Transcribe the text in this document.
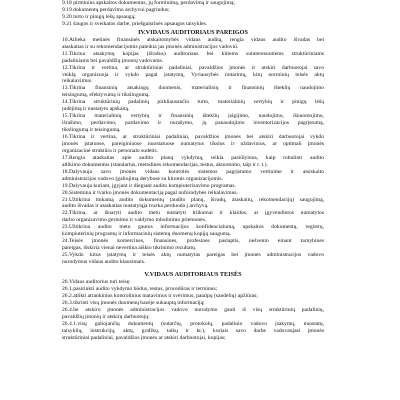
9.18 pirminius apskaitos dokumentus, jų forminimą, perdavimą ir saugojimą;
9.19 dokumentų perdavimo archyvui pagrindus;
9.20 turto ir pinigų lėšų apsaugą;
9.21 šaugos ir sveikatos darbe, priešgaisrinės apsaugos taisykles.
IV.VIDAUS AUDITORIAUS PAREIGOS
10.Atlieka metinės finansinės atskaitomybės vidaus auditą, rengia vidaus audito išvadas bei
ataskaitas ir su rekomendacijomis pateikia jas įmonės administracijos vadovui.
11.Tikrina atsakymų kopijas (išrašus) auditoriaus bei kitiems suinteresuotiems struktūriniams
padaliniams bei pavaldžių įmonių vadovams.
12.Tikrina ir vertina, ar struktūriniai padaliniai, pavaldžios įmonės ir atskiri darbuotojai savo
veiklą organizuoja ir vykdo pagal įstatymų, Vyriausybės nutarimų, kitų norminių teisės aktų
reikalavimus.
13.Tikrina finansinių atsakingų duomenis, materialinių ir finansinių išteklių naudojimo
teisingumą, efektyvumą ir tikslingumą.
14.Tikrina struktūrinių padalinių pirkliausančio turto, materialinių vertybių ir pinigų lėšų
judėjimą ir nustatyto apskaitą.
15.Tikrina materialinių vertybių ir finansinių išteklių įsigijimo, naudojimo, išnuomojimo,
išrašimo, perdavimo, pardavimo ir nurašymo, jų panaudojimo inventorizacijos pagrįstumą,
tikslingumą ir teisingumą.
16.Tikrina ir vertina, ar struktūriniai padaliniai, pavaldžios įmonės bei atskiri darbuotojai vykdo
įmonės įstatuose, pareiginiuose nuostatuose numatytus tikslus ir uždavinius, ar optimali įmonės
organizacinė struktūra ir personalo sudėtis.
17.Rengia ataskaitas apie audito planų vykdymą, teikia pasiūlymus, kaip tobulinti audito
atlikimo dokumentus (standartus, metodines rekomendacijas, testus, aktuotumo, taip ir t. t.).
18.Dalyvauja savo įmonės vidaus kontrolės sistemos pagrįstumo vertinime ir atsiskaito
administracijos vadovo (galiojimą derybose su kitomis organizacijomis.
19.Dalyvauja kuriant, įgyjant ir diegiant audito kompiuterizavimo programas.
20.Sistemina ir tvarko įmonės dokumentaciją pagal nuforodybės reikalavimus.
21.Užtikrina tinkamą audito dokumentų (audito planų, išvadų, ataskaitų, rekomendacijų) saugojimą,
audito išvadas ir ataskaitas nustatytąja tvarka perduoda į archyvą.
22.Tikrina, ar išnaryti audito metu nustatyti trūkumai ir klaidos, ar įgyvendintos numatytos
darbo organizavimo gerinimo ir valdymo tobulinimo priemonės.
23.Užtikrina audito metu gautos informacijos konfidencialumą, apskaitos dokumentų, registrų,
kompiuterinių programų ir informacinių sistemų duomenų kopijų saugumą.
24.Teisės įmonės komercines, finansines, profesines paslaptis, nešvento einant tarnybines
pareigas, išskiria vienai nevertina aiškio tikrinimo rezultatų.
25.Vykdo kitus įstatymų ir teisės aktų numatytas pareigas bei įmonės administracijos vadovo
nurodymus vidaus audito klausimais.
V.VIDAUS AUDITORIAUS TEISĖS
26.Vidaus auditorius turi teisę:
26.1.pasirinkti audito vykdymo būdus, testus, procedūras ir terminus;
26.2.atlikti atrankinius kontrolinius matavimus ir svėrimus, patalpų (sandėlių) apžiūras;
26.3.tikrinti visų įmonės duomenų bazėje sukauptą informaciją;
26.4.be atskiro įmonės administracijos vadovo nurodymo gauti iš visų struktūrinių padalinių,
pavaldžių įmonių ir atskirų darbuotojų:
26.4.1.visų galiojančių dokumentų (sutarčių, protokolų, padalinio vadovo įsakymų, nuostatų,
taisyklių, instrukcijų, aktų, grafikų, taikų ir kt.), kuriais savo darbe vadovaujasi įmonės
struktūriniai padaliniai, pavaldžios įmonės ar atskiri darbuotojai, kopijas;
